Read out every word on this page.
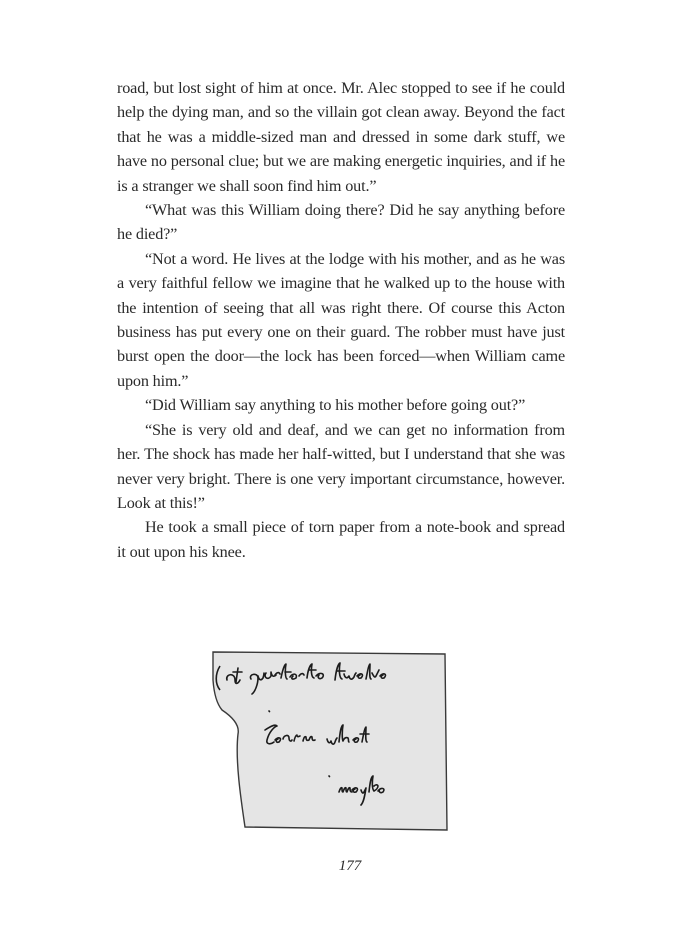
road, but lost sight of him at once. Mr. Alec stopped to see if he could help the dying man, and so the villain got clean away. Beyond the fact that he was a middle-sized man and dressed in some dark stuff, we have no personal clue; but we are making energetic inquiries, and if he is a stranger we shall soon find him out.”

“What was this William doing there? Did he say anything before he died?”

“Not a word. He lives at the lodge with his mother, and as he was a very faithful fellow we imagine that he walked up to the house with the intention of seeing that all was right there. Of course this Acton business has put every one on their guard. The robber must have just burst open the door—the lock has been forced—when William came upon him.”

“Did William say anything to his mother before going out?”

“She is very old and deaf, and we can get no information from her. The shock has made her half-witted, but I understand that she was never very bright. There is one very important circumstance, however. Look at this!”

He took a small piece of torn paper from a note-book and spread it out upon his knee.

177
